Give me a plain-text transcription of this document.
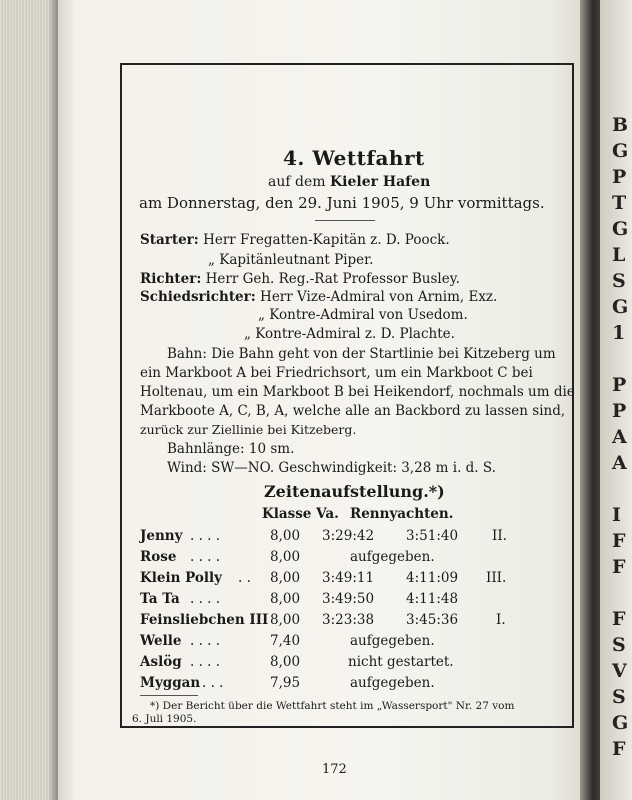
B
G
P
T
G
L
S
G
1

P
P
A
A

I
F
F

F
S
V
S
G
F
4. Wettfahrt
auf dem Kieler Hafen
am Donnerstag, den 29. Juni 1905, 9 Uhr vormittags.
Starter: Herr Fregatten-Kapitän z. D. Poock.
„ Kapitänleutnant Piper.
Richter: Herr Geh. Reg.-Rat Professor Busley.
Schiedsrichter: Herr Vize-Admiral von Arnim, Exz.
„ Kontre-Admiral von Usedom.
„ Kontre-Admiral z. D. Plachte.
Bahn: Die Bahn geht von der Startlinie bei Kitzeberg um
ein Markboot A bei Friedrichsort, um ein Markboot C bei
Holtenau, um ein Markboot B bei Heikendorf, nochmals um die
Markboote A, C, B, A, welche alle an Backbord zu lassen sind,
zurück zur Ziellinie bei Kitzeberg.
Bahnlänge: 10 sm.
Wind: SW—NO. Geschwindigkeit: 3,28 m i. d. S.
Zeitenaufstellung.*)
Klasse Va. Rennyachten.
Jenny . . . .	8,00 3:29:42 3:51:40	II.
Rose . . . .	8,00	aufgegeben.
Klein Polly . . 8,00 3:49:11 4:11:09 III.
Ta Ta . . . .	8,00 3:49:50 4:11:48
Feinsliebchen III 8,00 3:23:38 3:45:36	I.
Welle . . . .	7,40	aufgegeben.
Aslög . . . .	8,00	nicht gestartet.
Myggan . . .	7,95	aufgegeben.
*) Der Bericht über die Wettfahrt steht im „Wassersport" Nr. 27 vom
6. Juli 1905.
172
